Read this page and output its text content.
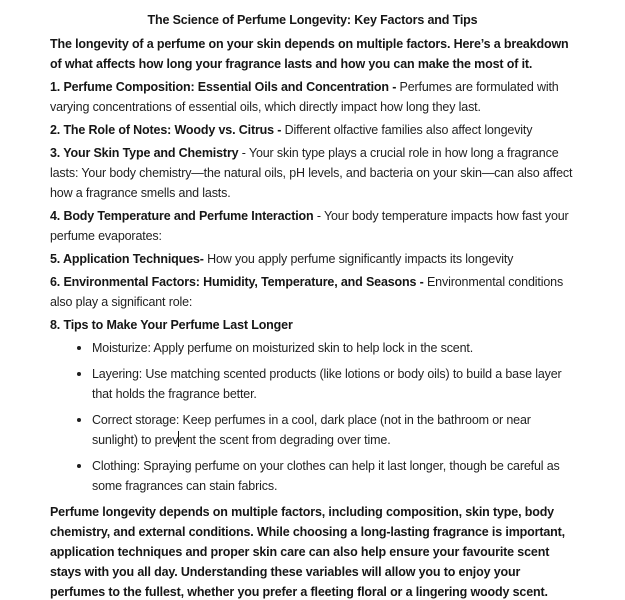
The Science of Perfume Longevity: Key Factors and Tips

The longevity of a perfume on your skin depends on multiple factors. Here’s a breakdown of what affects how long your fragrance lasts and how you can make the most of it.

1. Perfume Composition: Essential Oils and Concentration - Perfumes are formulated with varying concentrations of essential oils, which directly impact how long they last.

2. The Role of Notes: Woody vs. Citrus - Different olfactive families also affect longevity

3. Your Skin Type and Chemistry - Your skin type plays a crucial role in how long a fragrance lasts: Your body chemistry—the natural oils, pH levels, and bacteria on your skin—can also affect how a fragrance smells and lasts.

4. Body Temperature and Perfume Interaction - Your body temperature impacts how fast your perfume evaporates:

5. Application Techniques- How you apply perfume significantly impacts its longevity

6. Environmental Factors: Humidity, Temperature, and Seasons - Environmental conditions also play a significant role:

8. Tips to Make Your Perfume Last Longer

Moisturize: Apply perfume on moisturized skin to help lock in the scent.
Layering: Use matching scented products (like lotions or body oils) to build a base layer that holds the fragrance better.
Correct storage: Keep perfumes in a cool, dark place (not in the bathroom or near sunlight) to prevent the scent from degrading over time.
Clothing: Spraying perfume on your clothes can help it last longer, though be careful as some fragrances can stain fabrics.

Perfume longevity depends on multiple factors, including composition, skin type, body chemistry, and external conditions. While choosing a long-lasting fragrance is important, application techniques and proper skin care can also help ensure your favourite scent stays with you all day. Understanding these variables will allow you to enjoy your perfumes to the fullest, whether you prefer a fleeting floral or a lingering woody scent.
